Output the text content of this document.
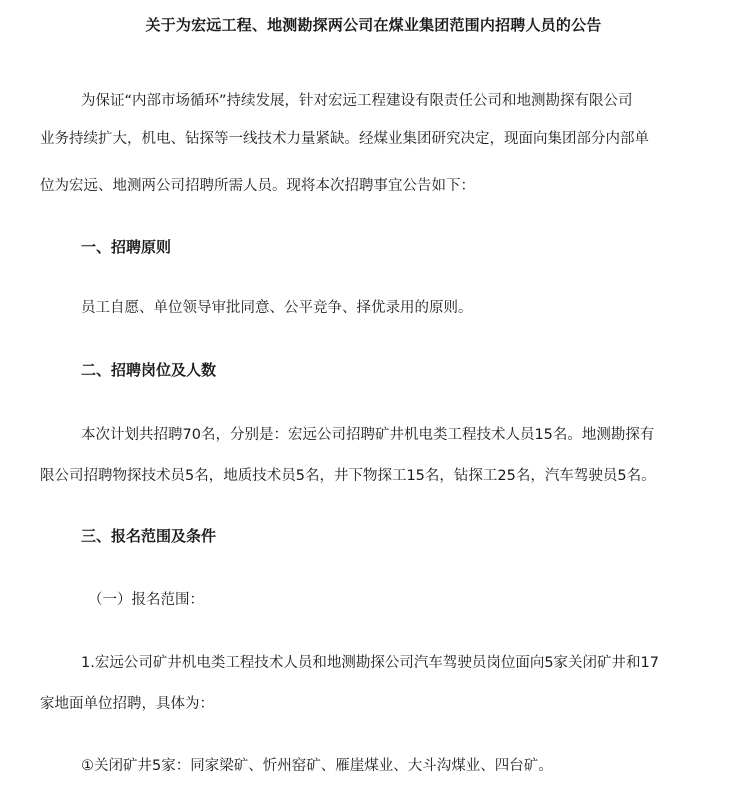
关于为宏远工程、地测勘探两公司在煤业集团范围内招聘人员的公告
为保证“内部市场循环”持续发展，针对宏远工程建设有限责任公司和地测勘探有限公司
业务持续扩大，机电、钻探等一线技术力量紧缺。经煤业集团研究决定，现面向集团部分内部单
位为宏远、地测两公司招聘所需人员。现将本次招聘事宜公告如下：
一、招聘原则
员工自愿、单位领导审批同意、公平竞争、择优录用的原则。
二、招聘岗位及人数
本次计划共招聘70名，分别是：宏远公司招聘矿井机电类工程技术人员15名。地测勘探有
限公司招聘物探技术员5名，地质技术员5名，井下物探工15名，钻探工25名，汽车驾驶员5名。
三、报名范围及条件
（一）报名范围：
1.宏远公司矿井机电类工程技术人员和地测勘探公司汽车驾驶员岗位面向5家关闭矿井和17
家地面单位招聘，具体为：
①关闭矿井5家：同家梁矿、忻州窑矿、雁崖煤业、大斗沟煤业、四台矿。
